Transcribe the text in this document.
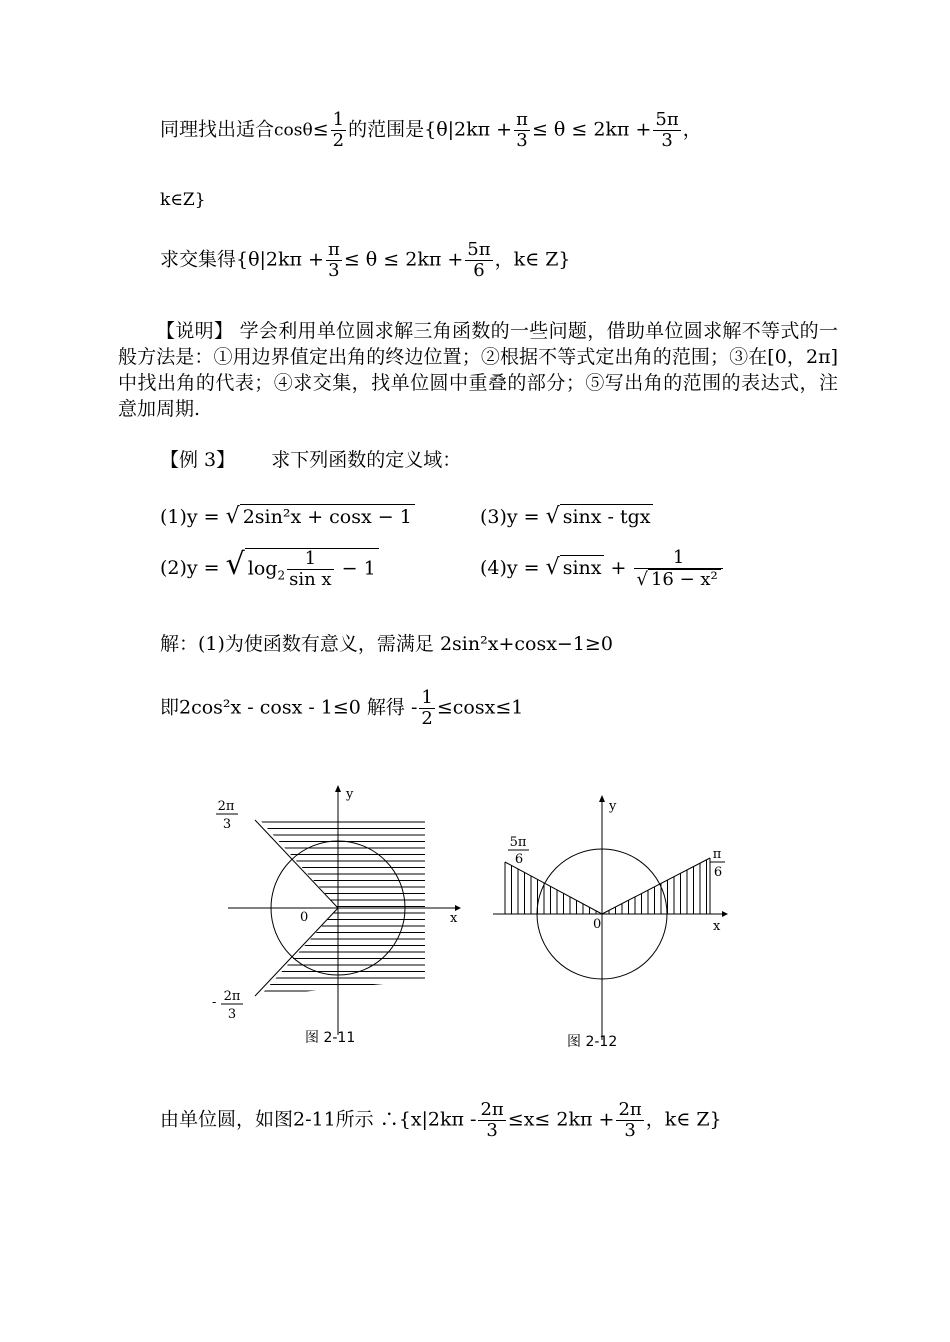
同理找出适合$\cos\theta\le \frac{1}{2}$ 的范围是{$\theta|2k\pi + \frac{\pi}{3} \le \theta \le 2k\pi + \frac{5\pi}{3}$ ，
k∈Z}
求交集得{$\theta|2k\pi + \frac{\pi}{3} \le \theta \le 2k\pi + \frac{5\pi}{6}$ ，k∈ Z}
【说明】 学会利用单位圆求解三角函数的一些问题，借助单位圆求解不等式的一般方法是：①用边界值定出角的终边位置；②根据不等式定出角的范围；③在[0，2π]中找出角的代表；④求交集，找单位圆中重叠的部分；⑤写出角的范围的表达式，注意加周期.
【例 3】 求下列函数的定义域：
(1)y = √ 2sin²x + cosx − 1	(3)y = √ sinx - tgx
(2)y = √ $\log_2 \frac{1}{\text{sin x}} - 1$	(4)y = √ $\sin x + \frac{1}{\text{√ 16 − x²}}$
解：(1)为使函数有意义，需满足 2sin²x+cosx−1≥0
即2cos²x - cosx - 1≤0 解得 - $\frac{1}{2} \le\cos x\le 1$
y
x
0
2π
3
- 2π
3
图 2-11
y
x
0
5π
6	π
6
图 2-12
由单位圆，如图2-11所示 ∴{x|2kπ - $\frac{2\pi}{3} \le x\le 2k\pi + \frac{2\pi}{3}$ ，k∈ Z}
